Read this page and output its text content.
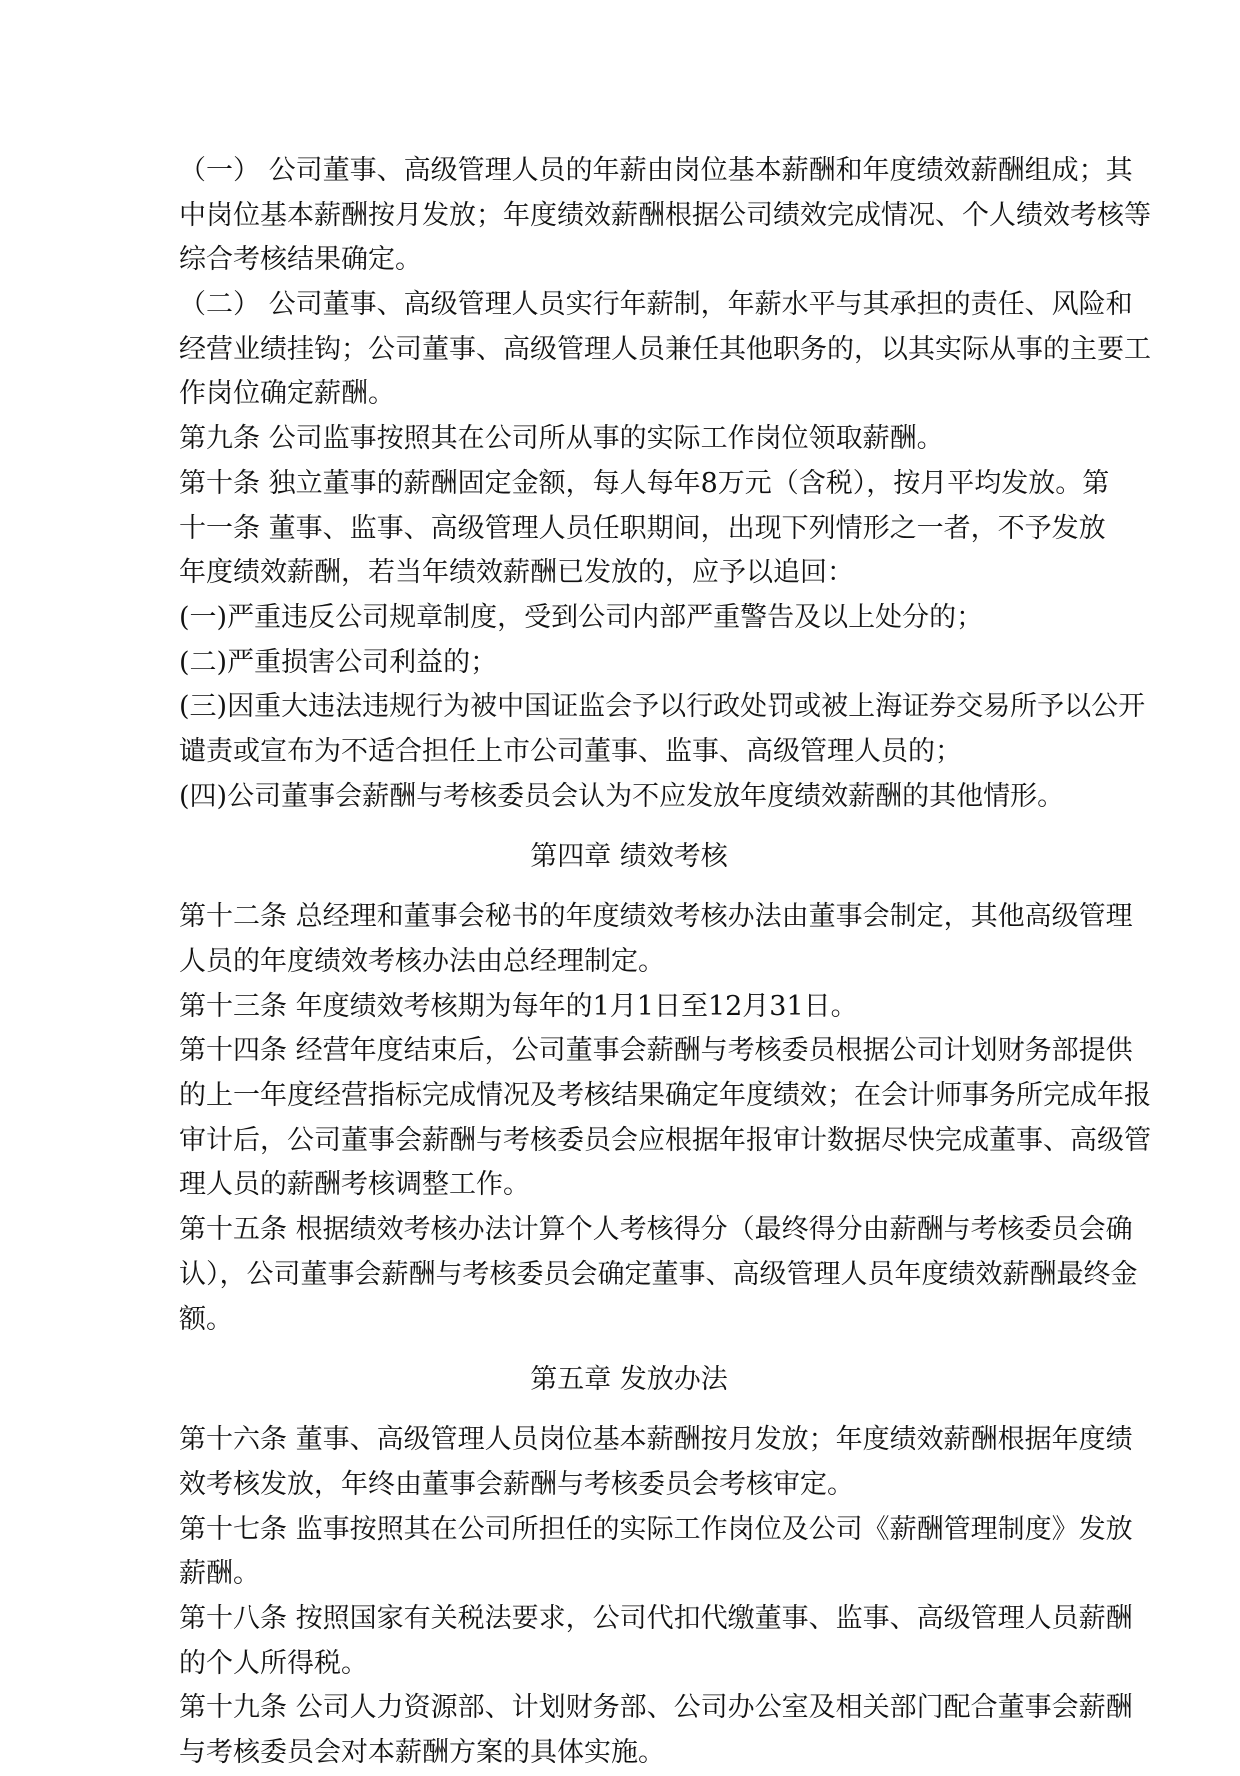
（一） 公司董事、高级管理人员的年薪由岗位基本薪酬和年度绩效薪酬组成；其
中岗位基本薪酬按月发放；年度绩效薪酬根据公司绩效完成情况、个人绩效考核等
综合考核结果确定。
（二） 公司董事、高级管理人员实行年薪制，年薪水平与其承担的责任、风险和
经营业绩挂钩；公司董事、高级管理人员兼任其他职务的，以其实际从事的主要工
作岗位确定薪酬。
第九条 公司监事按照其在公司所从事的实际工作岗位领取薪酬。
第十条 独立董事的薪酬固定金额，每人每年8万元（含税），按月平均发放。第
十一条 董事、监事、高级管理人员任职期间，出现下列情形之一者，不予发放
年度绩效薪酬，若当年绩效薪酬已发放的，应予以追回：
(一)严重违反公司规章制度，受到公司内部严重警告及以上处分的；
(二)严重损害公司利益的；
(三)因重大违法违规行为被中国证监会予以行政处罚或被上海证券交易所予以公开
谴责或宣布为不适合担任上市公司董事、监事、高级管理人员的；
(四)公司董事会薪酬与考核委员会认为不应发放年度绩效薪酬的其他情形。
第四章 绩效考核
第十二条 总经理和董事会秘书的年度绩效考核办法由董事会制定，其他高级管理
人员的年度绩效考核办法由总经理制定。
第十三条 年度绩效考核期为每年的1月1日至12月31日。
第十四条 经营年度结束后，公司董事会薪酬与考核委员根据公司计划财务部提供
的上一年度经营指标完成情况及考核结果确定年度绩效；在会计师事务所完成年报
审计后，公司董事会薪酬与考核委员会应根据年报审计数据尽快完成董事、高级管
理人员的薪酬考核调整工作。
第十五条 根据绩效考核办法计算个人考核得分（最终得分由薪酬与考核委员会确
认），公司董事会薪酬与考核委员会确定董事、高级管理人员年度绩效薪酬最终金
额。
第五章 发放办法
第十六条 董事、高级管理人员岗位基本薪酬按月发放；年度绩效薪酬根据年度绩
效考核发放，年终由董事会薪酬与考核委员会考核审定。
第十七条 监事按照其在公司所担任的实际工作岗位及公司《薪酬管理制度》发放
薪酬。
第十八条 按照国家有关税法要求，公司代扣代缴董事、监事、高级管理人员薪酬
的个人所得税。
第十九条 公司人力资源部、计划财务部、公司办公室及相关部门配合董事会薪酬
与考核委员会对本薪酬方案的具体实施。
